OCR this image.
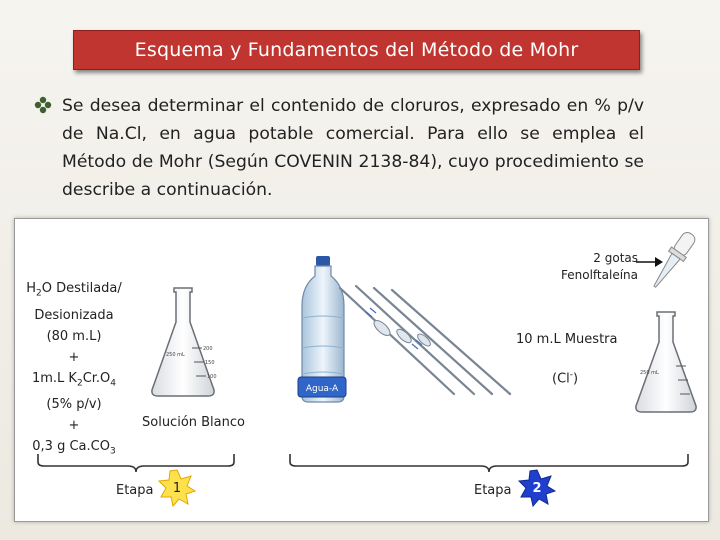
Esquema y Fundamentos del Método de Mohr
Se desea determinar el contenido de cloruros, expresado en % p/v de Na.Cl, en agua potable comercial. Para ello se emplea el Método de Mohr (Según COVENIN 2138-84), cuyo procedimiento se describe a continuación.
$H_2O$ Destilada/
Desionizada
(80 m.L)
+
1m.L $K_2Cr.O_4$
(5% p/v)
+
0,3 g $Ca.CO_3$
200
150
100
250 mL
Solución Blanco
Agua-A
2 gotas
Fenolftaleína
10 m.L Muestra
(Cl-)	250 mL
Etapa	1	Etapa	2
